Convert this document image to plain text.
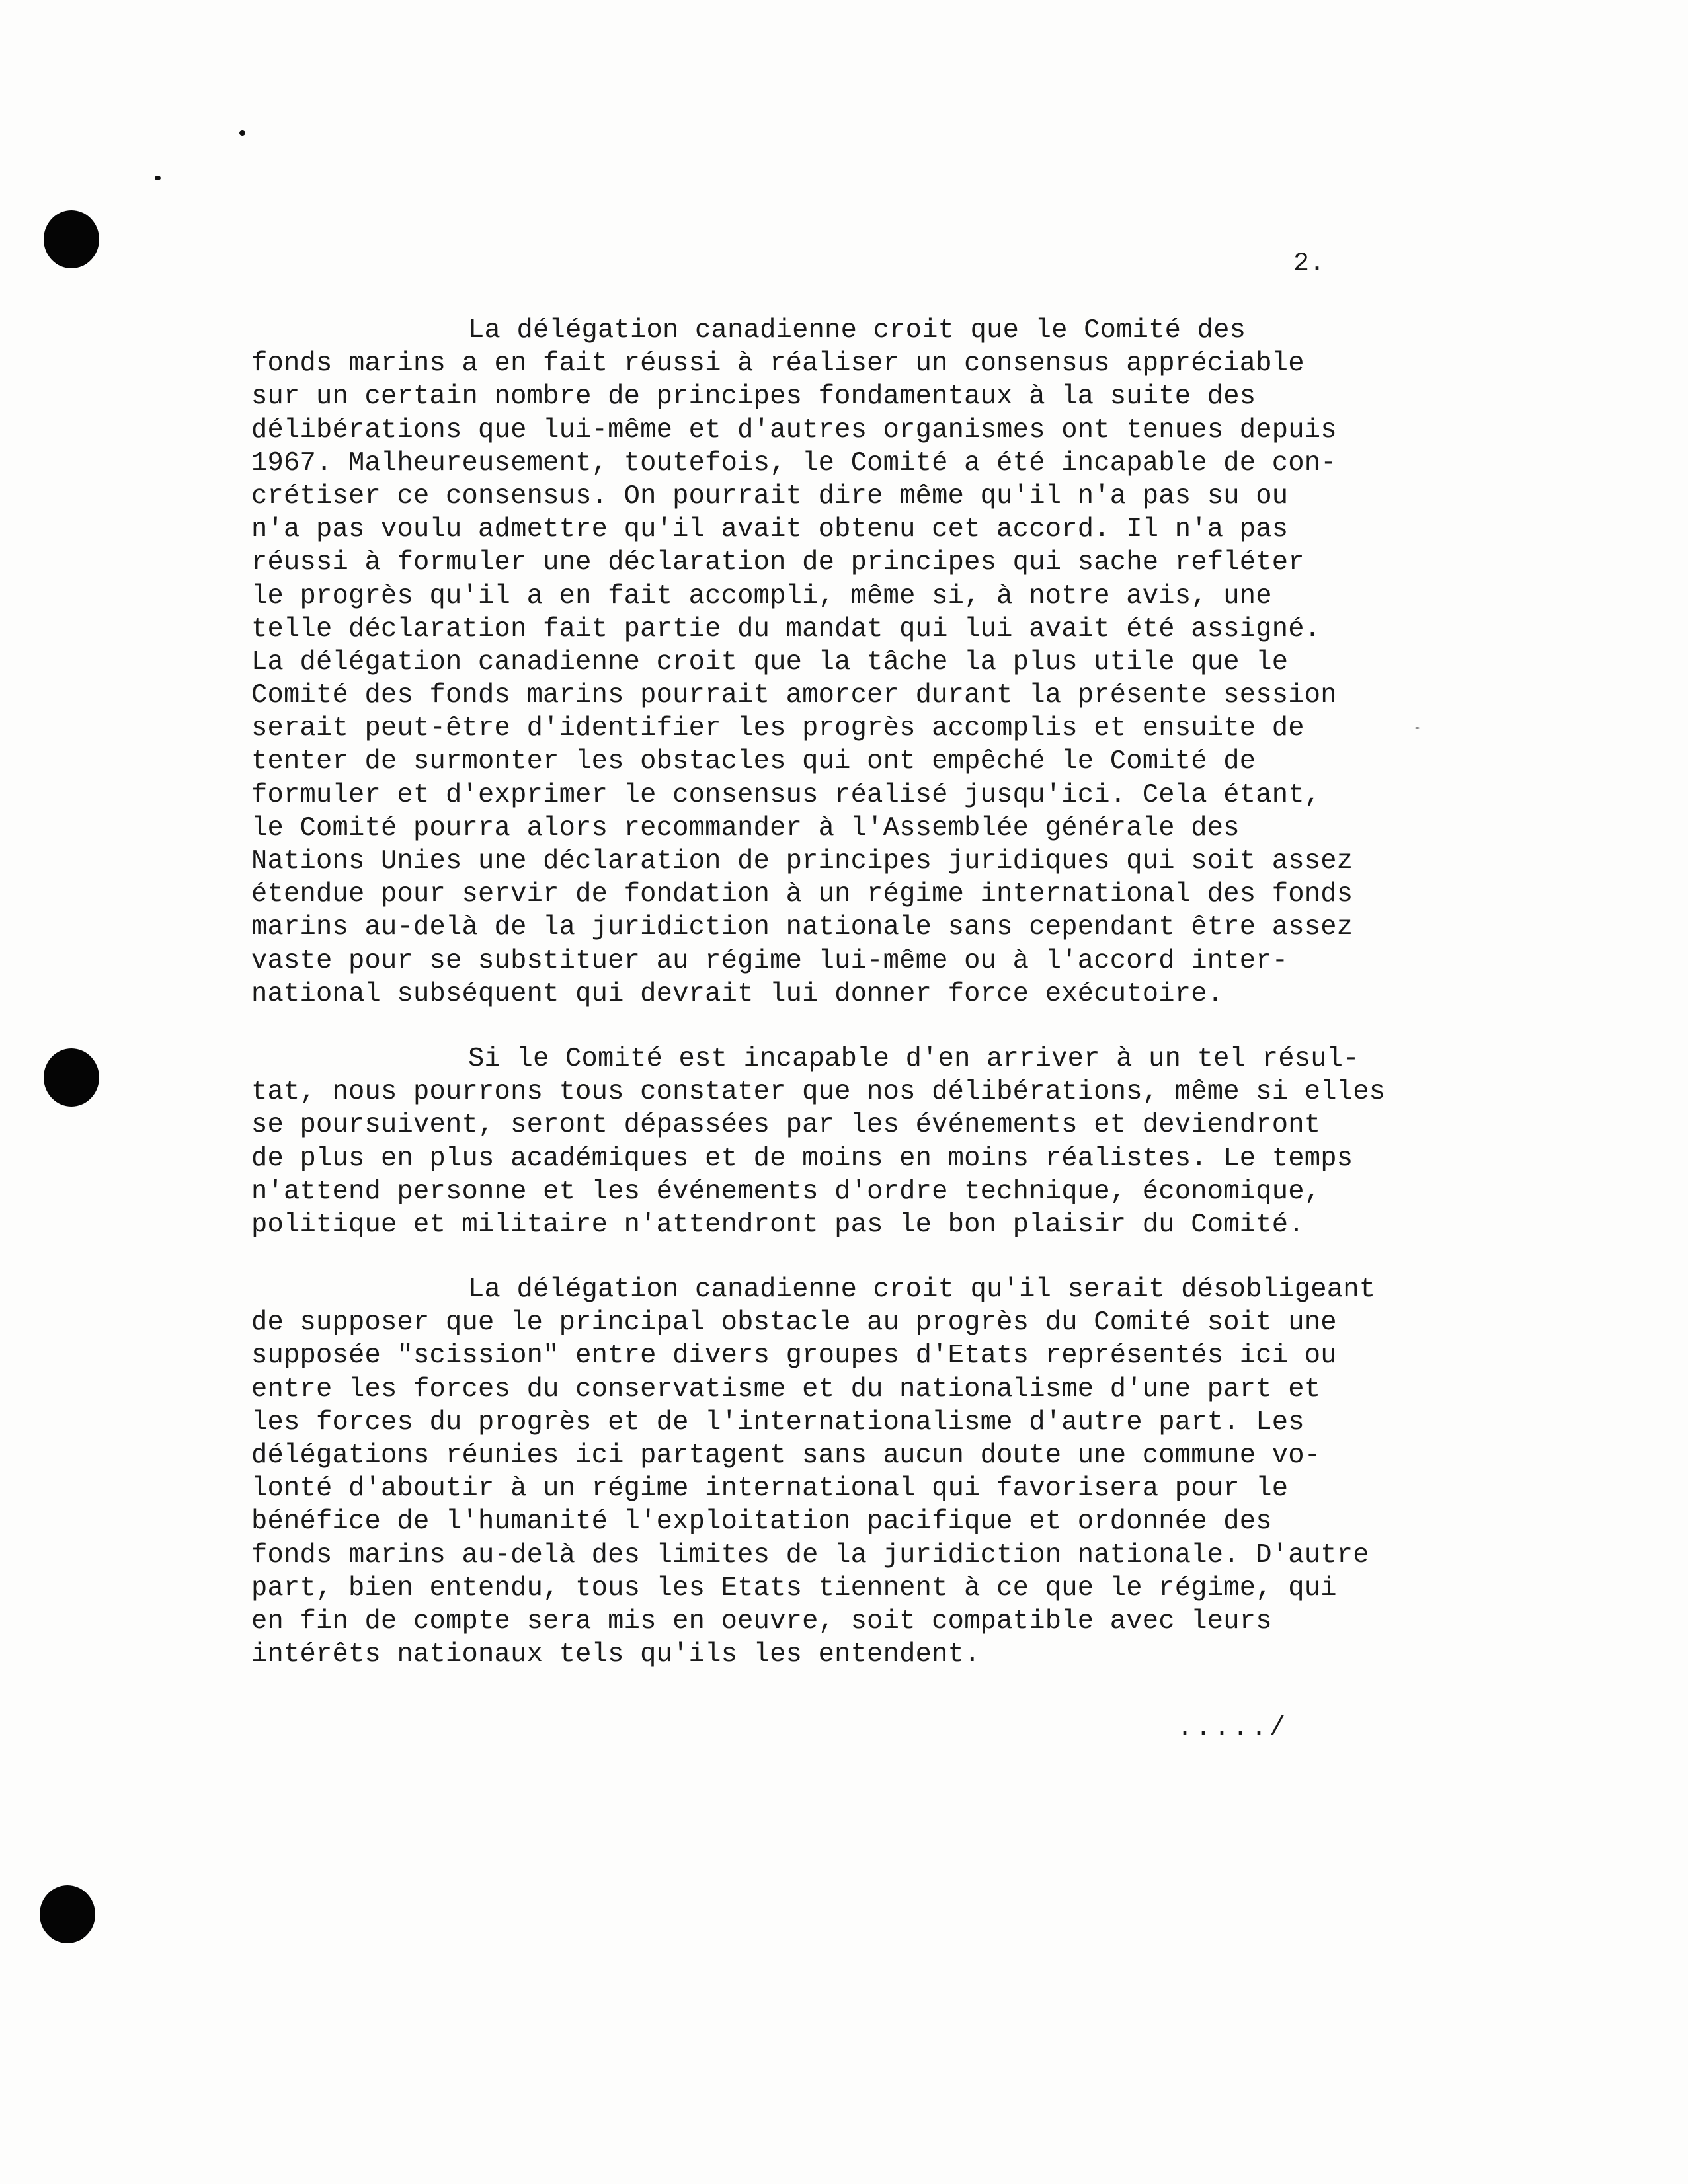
2.

La délégation canadienne croit que le Comité des
fonds marins a en fait réussi à réaliser un consensus appréciable
sur un certain nombre de principes fondamentaux à la suite des
délibérations que lui-même et d'autres organismes ont tenues depuis
1967. Malheureusement, toutefois, le Comité a été incapable de con-
crétiser ce consensus. On pourrait dire même qu'il n'a pas su ou
n'a pas voulu admettre qu'il avait obtenu cet accord. Il n'a pas
réussi à formuler une déclaration de principes qui sache refléter
le progrès qu'il a en fait accompli, même si, à notre avis, une
telle déclaration fait partie du mandat qui lui avait été assigné.
La délégation canadienne croit que la tâche la plus utile que le
Comité des fonds marins pourrait amorcer durant la présente session
serait peut-être d'identifier les progrès accomplis et ensuite de
tenter de surmonter les obstacles qui ont empêché le Comité de
formuler et d'exprimer le consensus réalisé jusqu'ici. Cela étant,
le Comité pourra alors recommander à l'Assemblée générale des
Nations Unies une déclaration de principes juridiques qui soit assez
étendue pour servir de fondation à un régime international des fonds
marins au-delà de la juridiction nationale sans cependant être assez
vaste pour se substituer au régime lui-même ou à l'accord inter-
national subséquent qui devrait lui donner force exécutoire.

Si le Comité est incapable d'en arriver à un tel résul-
tat, nous pourrons tous constater que nos délibérations, même si elles
se poursuivent, seront dépassées par les événements et deviendront
de plus en plus académiques et de moins en moins réalistes. Le temps
n'attend personne et les événements d'ordre technique, économique,
politique et militaire n'attendront pas le bon plaisir du Comité.

La délégation canadienne croit qu'il serait désobligeant
de supposer que le principal obstacle au progrès du Comité soit une
supposée "scission" entre divers groupes d'Etats représentés ici ou
entre les forces du conservatisme et du nationalisme d'une part et
les forces du progrès et de l'internationalisme d'autre part. Les
délégations réunies ici partagent sans aucun doute une commune vo-
lonté d'aboutir à un régime international qui favorisera pour le
bénéfice de l'humanité l'exploitation pacifique et ordonnée des
fonds marins au-delà des limites de la juridiction nationale. D'autre
part, bien entendu, tous les Etats tiennent à ce que le régime, qui
en fin de compte sera mis en oeuvre, soit compatible avec leurs
intérêts nationaux tels qu'ils les entendent.

...../
